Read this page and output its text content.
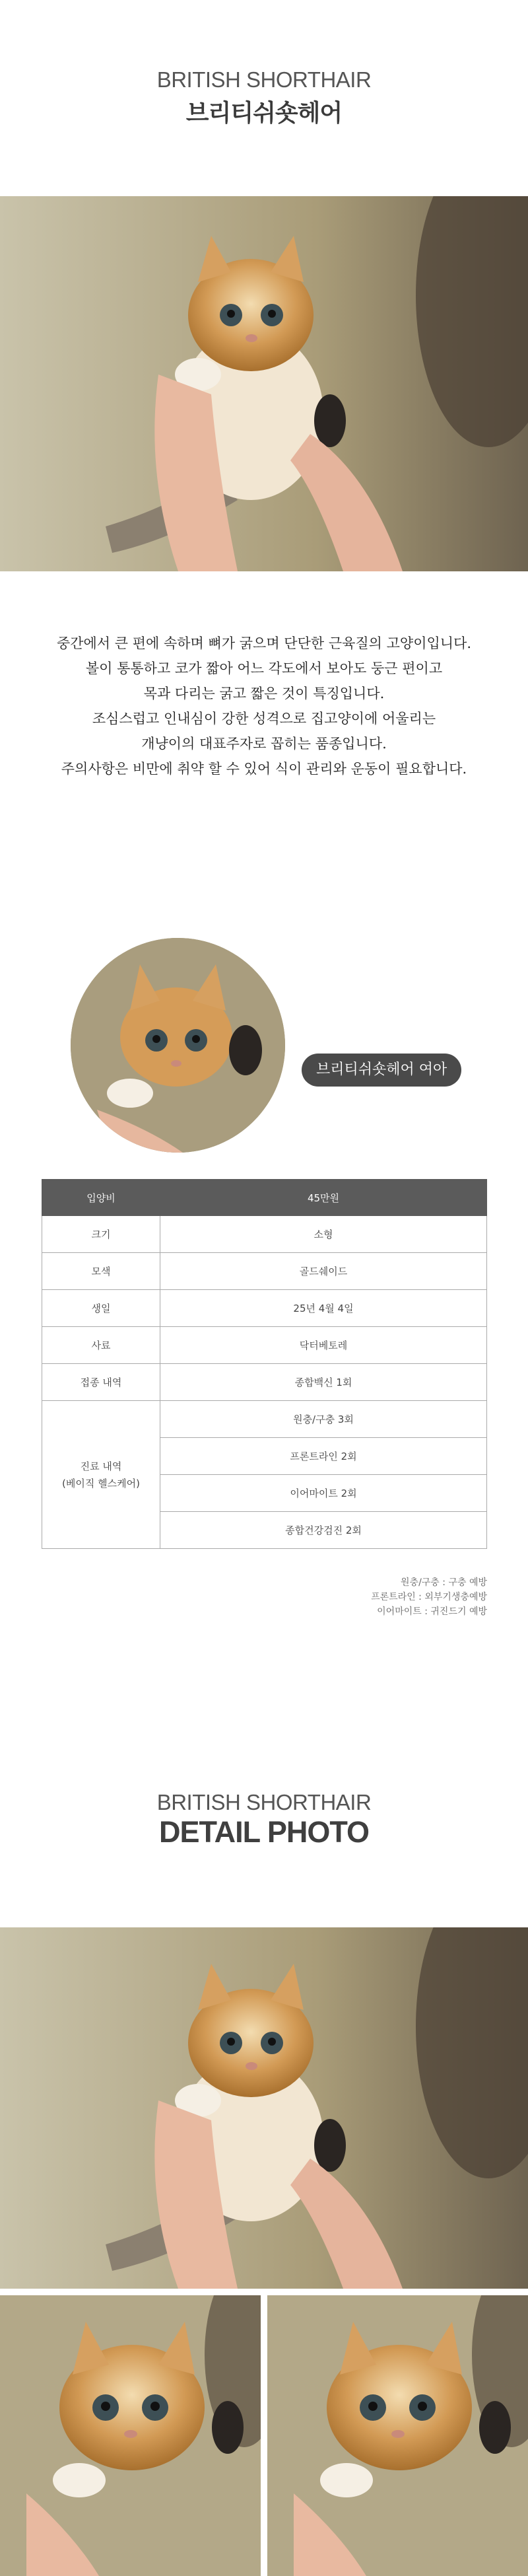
BRITISH SHORTHAIR
브리티쉬숏헤어
중간에서 큰 편에 속하며 뼈가 굵으며 단단한 근육질의 고양이입니다.
볼이 통통하고 코가 짧아 어느 각도에서 보아도 둥근 편이고
목과 다리는 굵고 짧은 것이 특징입니다.
조심스럽고 인내심이 강한 성격으로 집고양이에 어울리는
개냥이의 대표주자로 꼽히는 품종입니다.
주의사항은 비만에 취약 할 수 있어 식이 관리와 운동이 필요합니다.
브리티쉬숏헤어 여아
입양비	45만원
크기	소형
모색	골드쉐이드
생일	25년 4월 4일
사료	닥터베토레
접종 내역	종합백신 1회

진료 내역
(베이직 헬스케어)	원충/구충 3회
	프론트라인 2회
	이어마이트 2회
	종합건강검진 2회
원충/구충 : 구충 예방
프론트라인 : 외부기생충예방
이어마이트 : 귀진드기 예방
BRITISH SHORTHAIR
DETAIL PHOTO
